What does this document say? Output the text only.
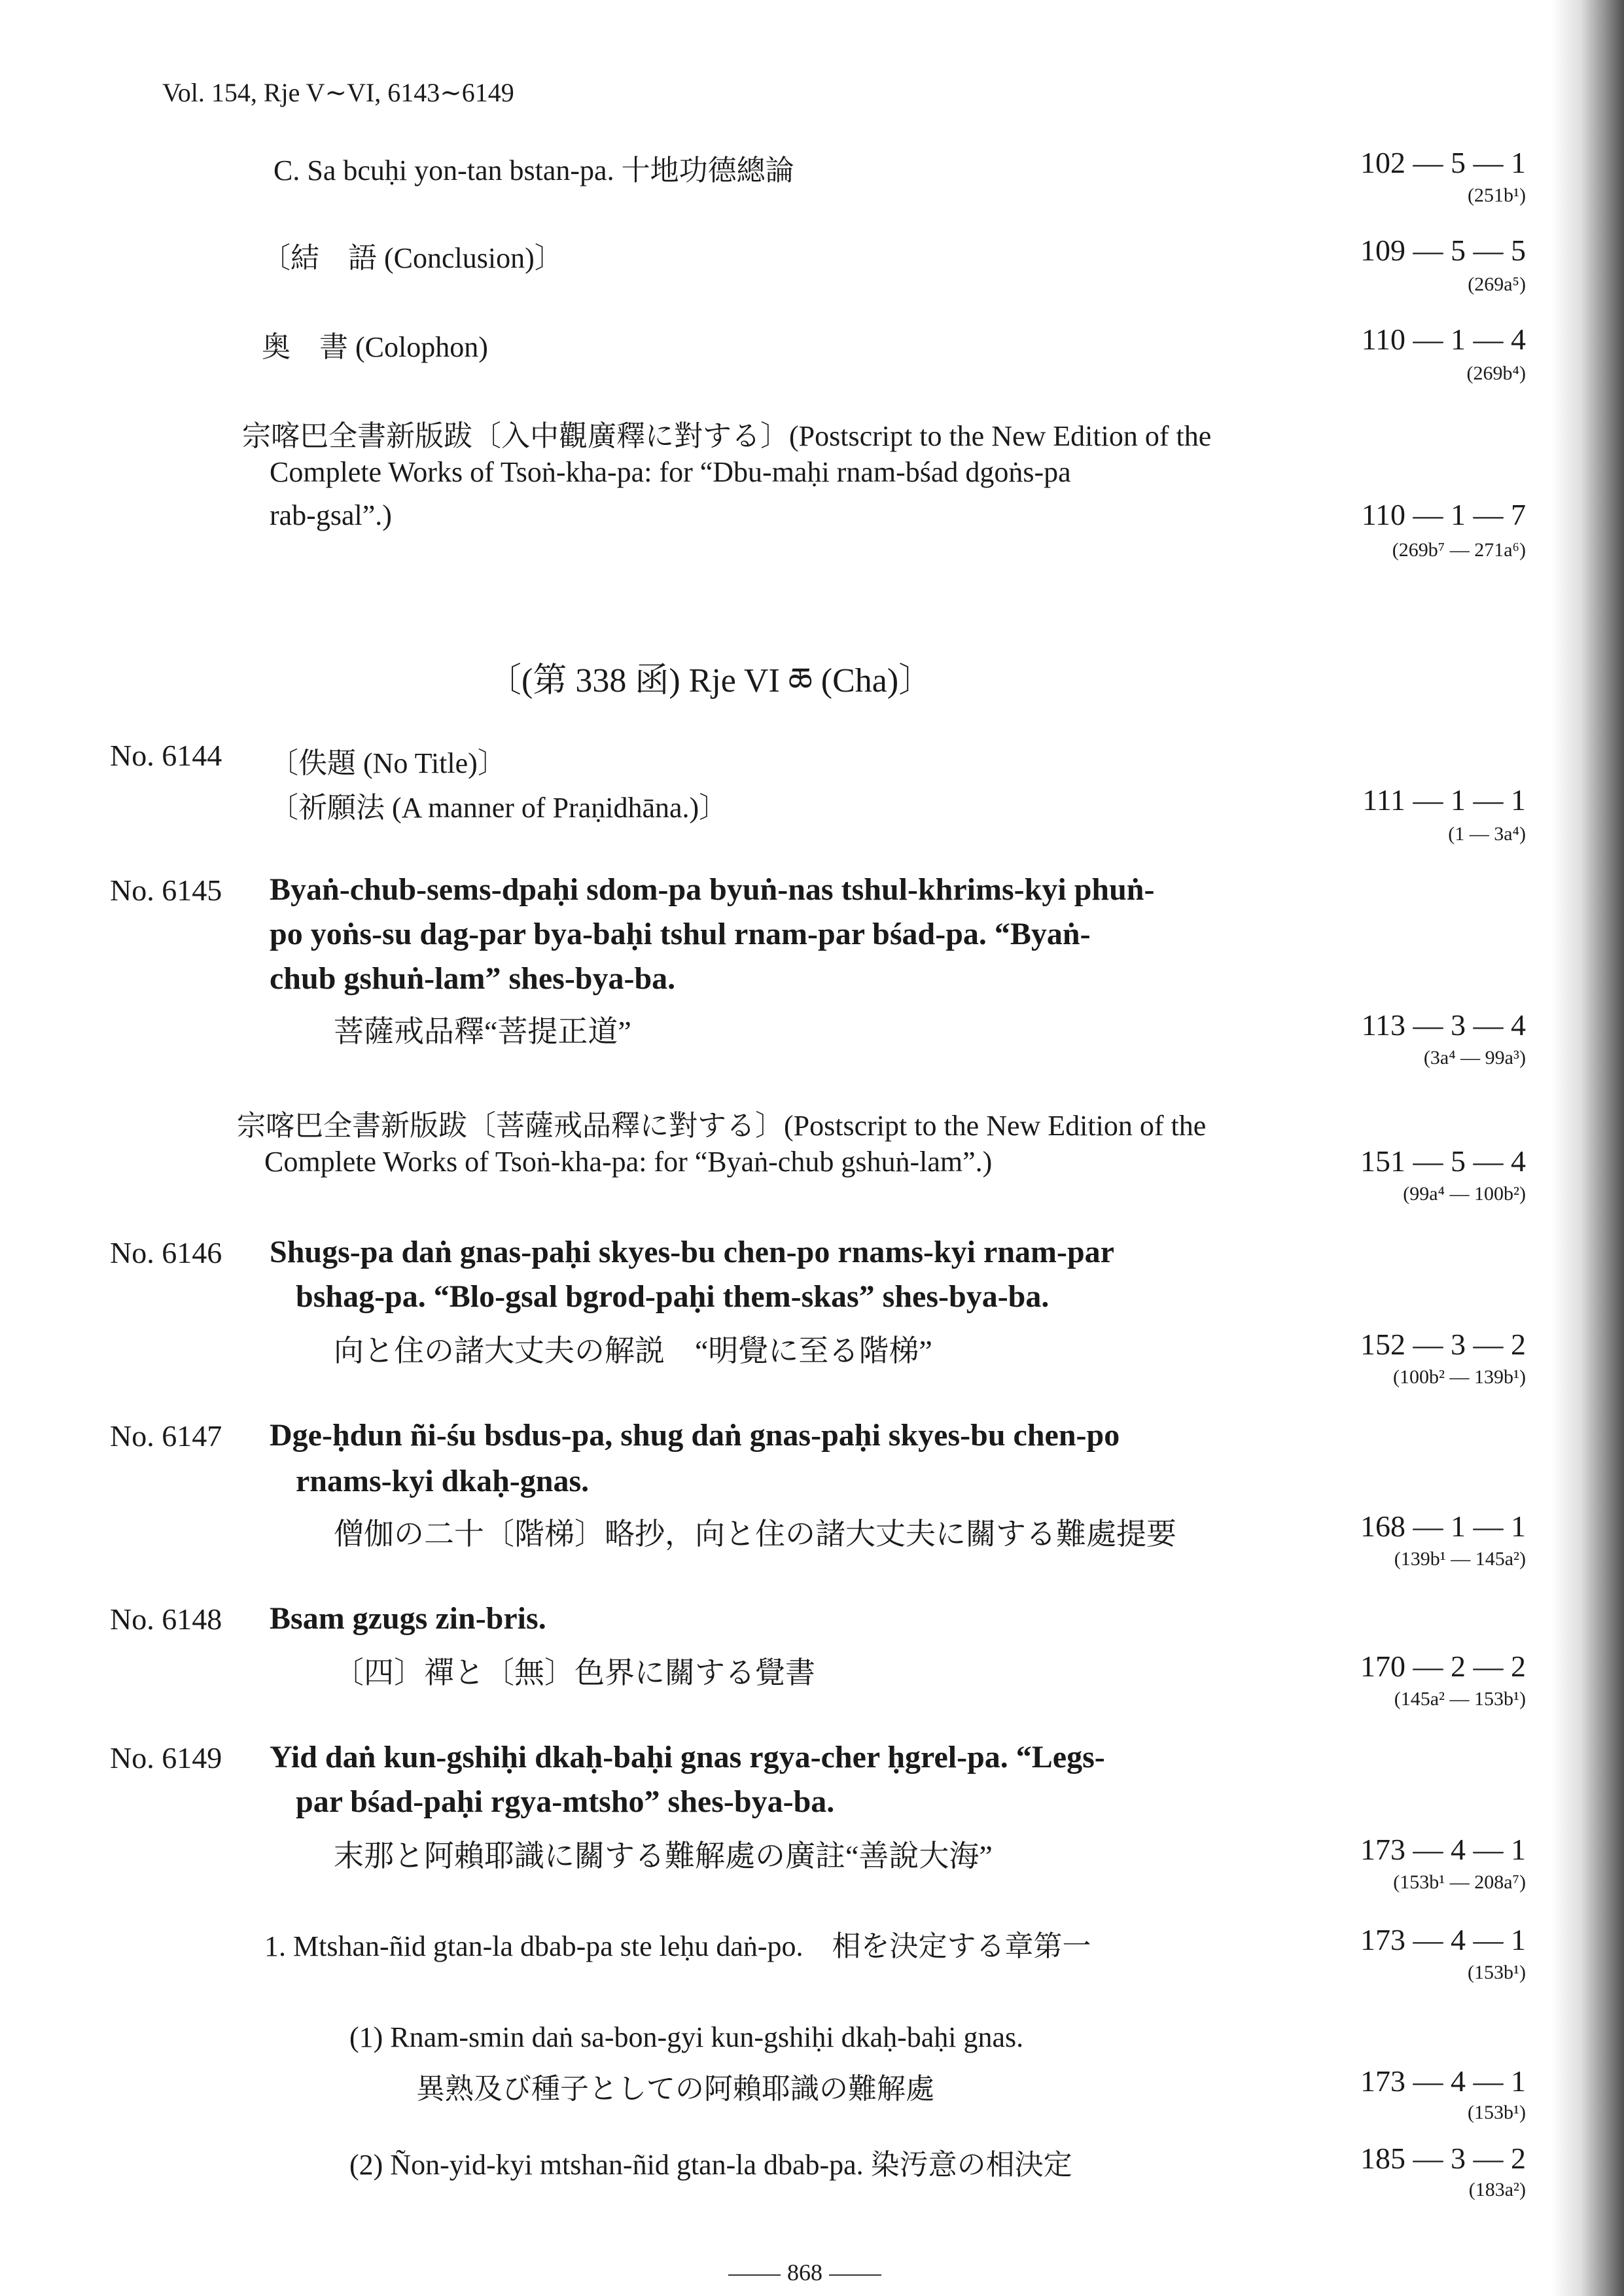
Vol. 154, Rje V∼VI, 6143∼6149
C. Sa bcuḥi yon-tan bstan-pa. 十地功德總論	102 — 5 — 1
(251b¹)
〔結　語 (Conclusion)〕	109 — 5 — 5
(269a⁵)
奥　書 (Colophon)	110 — 1 — 4
(269b⁴)
宗喀巴全書新版跋〔入中觀廣釋に對する〕(Postscript to the New Edition of the
Complete Works of Tsoṅ-kha-pa: for “Dbu-maḥi rnam-bśad dgoṅs-pa
rab-gsal”.)	110 — 1 — 7
(269b⁷ — 271a⁶)
〔(第 338 函) Rje VI ཆ (Cha)〕
No. 6144 〔佚題 (No Title)〕
〔祈願法 (A manner of Praṇidhāna.)〕	111 — 1 — 1
(1 — 3a⁴)
No. 6145 Byaṅ-chub-sems-dpaḥi sdom-pa byuṅ-nas tshul-khrims-kyi phuṅ-
po yoṅs-su dag-par bya-baḥi tshul rnam-par bśad-pa. “Byaṅ-
chub gshuṅ-lam” shes-bya-ba.
菩薩戒品釋“菩提正道”	113 — 3 — 4
(3a⁴ — 99a³)
宗喀巴全書新版跋〔菩薩戒品釋に對する〕(Postscript to the New Edition of the
Complete Works of Tsoṅ-kha-pa: for “Byaṅ-chub gshuṅ-lam”.)	151 — 5 — 4
(99a⁴ — 100b²)
No. 6146 Shugs-pa daṅ gnas-paḥi skyes-bu chen-po rnams-kyi rnam-par
bshag-pa. “Blo-gsal bgrod-paḥi them-skas” shes-bya-ba.
向と住の諸大丈夫の解説　“明覺に至る階梯”	152 — 3 — 2
(100b² — 139b¹)
No. 6147 Dge-ḥdun ñi-śu bsdus-pa, shug daṅ gnas-paḥi skyes-bu chen-po
rnams-kyi dkaḥ-gnas.
僧伽の二十〔階梯〕略抄，向と住の諸大丈夫に關する難處提要	168 — 1 — 1
(139b¹ — 145a²)
No. 6148 Bsam gzugs zin-bris.
〔四〕禪と〔無〕色界に關する覺書	170 — 2 — 2
(145a² — 153b¹)
No. 6149 Yid daṅ kun-gshiḥi dkaḥ-baḥi gnas rgya-cher ḥgrel-pa. “Legs-
par bśad-paḥi rgya-mtsho” shes-bya-ba.
末那と阿賴耶識に關する難解處の廣註“善說大海”	173 — 4 — 1
(153b¹ — 208a⁷)
1. Mtshan-ñid gtan-la dbab-pa ste leḥu daṅ-po.　相を決定する章第一	173 — 4 — 1
(153b¹)
(1) Rnam-smin daṅ sa-bon-gyi kun-gshiḥi dkaḥ-baḥi gnas.
異熟及び種子としての阿賴耶識の難解處	173 — 4 — 1
(153b¹)
(2) Ñon-yid-kyi mtshan-ñid gtan-la dbab-pa. 染汚意の相決定	185 — 3 — 2
(183a²)
868
